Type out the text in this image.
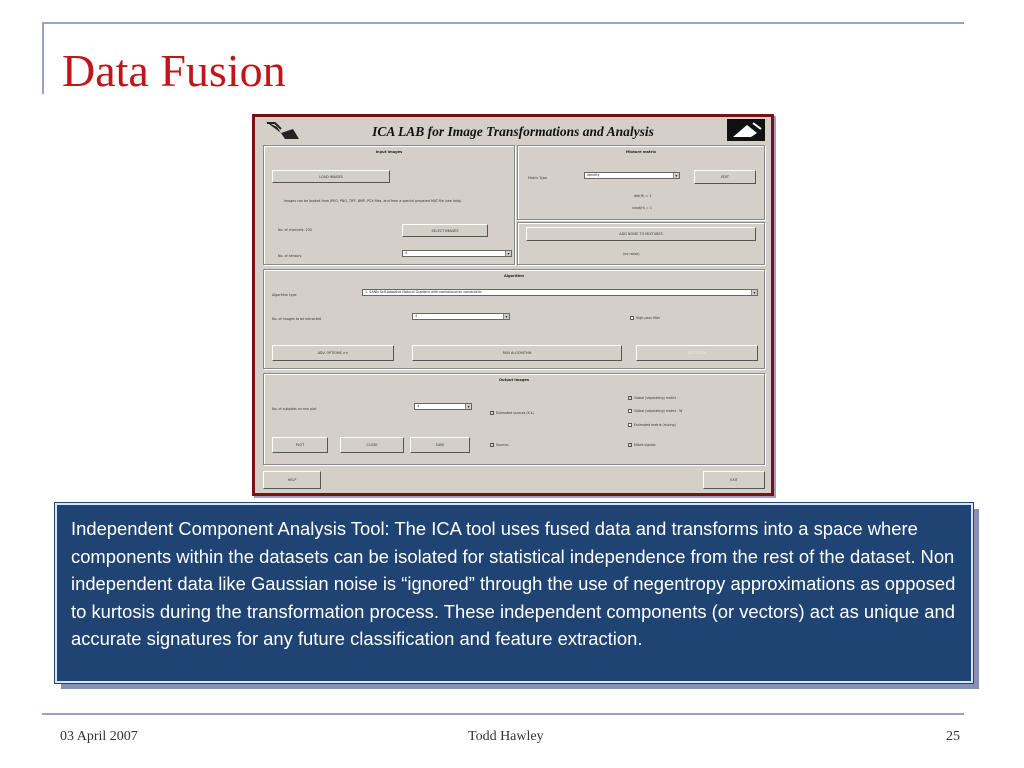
Data Fusion
ICA LAB for Image Transformations and Analysis
Input images
LOAD IMAGES
Images can be loaded from JPEG, PNG, TIFF, BMP, PCX files, and from a special prepared MAT-file (see help)
No. of channels: 235	SELECT IMAGES
No. of sensors
4	▾
Mixture matrix
Matrix Type
identity	▾	EDIT
det(H) = 1
cond(H) = 1
ADD NOISE TO MIXTURES
(no noise)
Algorithm
Algorithm type
1. SANN Self-Adaptive Natural Gradient with nonholonomic constraints	▾
No. of images to be extracted
4	▾	High-pass filter
ADV. OPTIONS >>	RUN ALGORITHM	DEFLATION
Output images
No. of subplots on one plot
4	▾
✓ Estimated sources (ICs)
✓ Global (separating) matrix
Global (separating) matrix - W
Estimated matrix (mixing)
PLOT	CLOSE	SAVE	✓ Sources	✓ Mixed signals
HELP	EXIT
Independent Component Analysis Tool: The ICA tool uses fused data and transforms into a space where components within the datasets can be isolated for statistical independence from the rest of the dataset. Non independent data like Gaussian noise is “ignored” through the use of negentropy approximations as opposed to kurtosis during the transformation process. These independent components (or vectors) act as unique and accurate signatures for any future classification and feature extraction.
03 April 2007	Todd Hawley	25
